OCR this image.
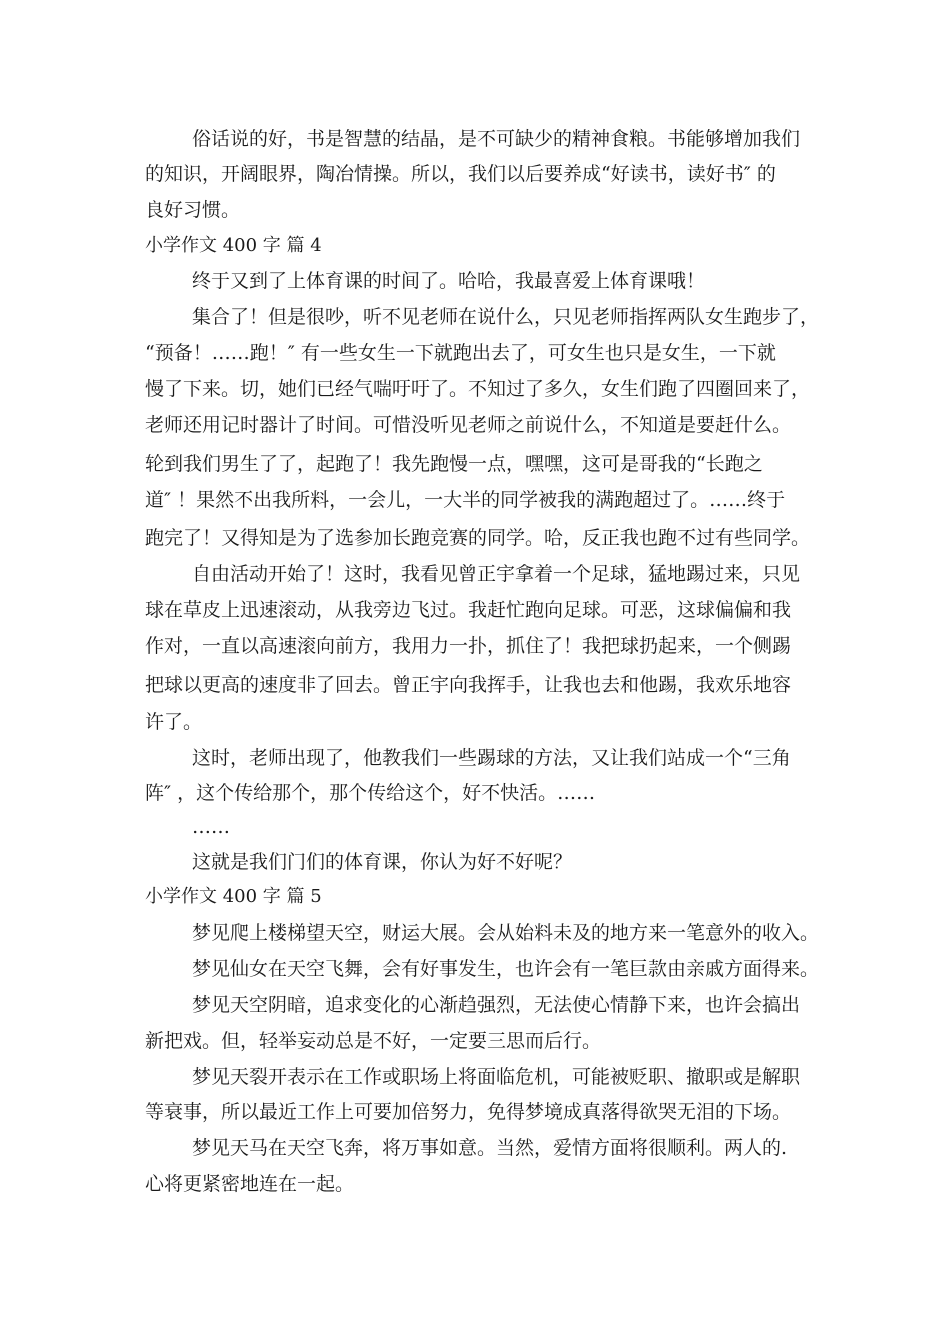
俗话说的好，书是智慧的结晶，是不可缺少的精神食粮。书能够增加我们
的知识，开阔眼界，陶冶情操。所以，我们以后要养成“好读书，读好书″ 的
良好习惯。
小学作文 400 字 篇 4
终于又到了上体育课的时间了。哈哈，我最喜爱上体育课哦！
集合了！但是很吵，听不见老师在说什么，只见老师指挥两队女生跑步了，
“预备！……跑！″ 有一些女生一下就跑出去了，可女生也只是女生，一下就
慢了下来。切，她们已经气喘吁吁了。不知过了多久，女生们跑了四圈回来了，
老师还用记时器计了时间。可惜没听见老师之前说什么，不知道是要赶什么。
轮到我们男生了了，起跑了！我先跑慢一点，嘿嘿，这可是哥我的“长跑之
道″ ！果然不出我所料，一会儿，一大半的同学被我的满跑超过了。……终于
跑完了！又得知是为了选参加长跑竞赛的同学。哈，反正我也跑不过有些同学。
自由活动开始了！这时，我看见曾正宇拿着一个足球，猛地踢过来，只见
球在草皮上迅速滚动，从我旁边飞过。我赶忙跑向足球。可恶，这球偏偏和我
作对，一直以高速滚向前方，我用力一扑，抓住了！我把球扔起来，一个侧踢
把球以更高的速度非了回去。曾正宇向我挥手，让我也去和他踢，我欢乐地容
许了。
这时，老师出现了，他教我们一些踢球的方法，又让我们站成一个“三角
阵″ ，这个传给那个，那个传给这个，好不快活。……
……
这就是我们门们的体育课，你认为好不好呢？
小学作文 400 字 篇 5
梦见爬上楼梯望天空，财运大展。会从始料未及的地方来一笔意外的收入。
梦见仙女在天空飞舞，会有好事发生，也许会有一笔巨款由亲戚方面得来。
梦见天空阴暗，追求变化的心渐趋强烈，无法使心情静下来，也许会搞出
新把戏。但，轻举妄动总是不好，一定要三思而后行。
梦见天裂开表示在工作或职场上将面临危机，可能被贬职、撤职或是解职
等衰事，所以最近工作上可要加倍努力，免得梦境成真落得欲哭无泪的下场。
梦见天马在天空飞奔，将万事如意。当然，爱情方面将很顺利。两人的.
心将更紧密地连在一起。
